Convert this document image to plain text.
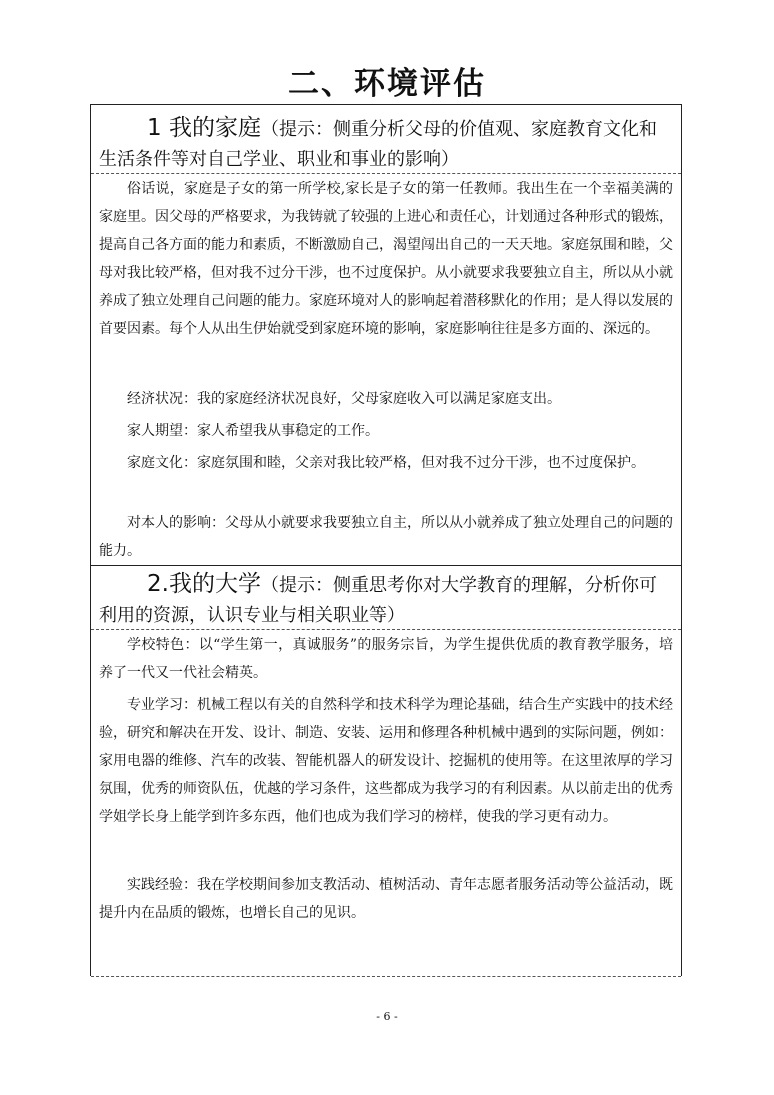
二、环境评估
1 我的家庭（提示：侧重分析父母的价值观、家庭教育文化和生活条件等对自己学业、职业和事业的影响）

俗话说，家庭是子女的第一所学校,家长是子女的第一任教师。我出生在一个幸福美满的家庭里。因父母的严格要求，为我铸就了较强的上进心和责任心，计划通过各种形式的锻炼，提高自己各方面的能力和素质，不断激励自己，渴望闯出自己的一天天地。家庭氛围和睦，父母对我比较严格，但对我不过分干涉，也不过度保护。从小就要求我要独立自主，所以从小就养成了独立处理自己问题的能力。家庭环境对人的影响起着潜移默化的作用；是人得以发展的首要因素。每个人从出生伊始就受到家庭环境的影响，家庭影响往往是多方面的、深远的。

经济状况：我的家庭经济状况良好，父母家庭收入可以满足家庭支出。

家人期望：家人希望我从事稳定的工作。

家庭文化：家庭氛围和睦，父亲对我比较严格，但对我不过分干涉，也不过度保护。

对本人的影响：父母从小就要求我要独立自主，所以从小就养成了独立处理自己的问题的能力。

2.我的大学（提示：侧重思考你对大学教育的理解，分析你可利用的资源，认识专业与相关职业等）

学校特色：以“学生第一，真诚服务”的服务宗旨，为学生提供优质的教育教学服务，培养了一代又一代社会精英。

专业学习：机械工程以有关的自然科学和技术科学为理论基础，结合生产实践中的技术经验，研究和解决在开发、设计、制造、安装、运用和修理各种机械中遇到的实际问题，例如：家用电器的维修、汽车的改装、智能机器人的研发设计、挖掘机的使用等。在这里浓厚的学习氛围，优秀的师资队伍，优越的学习条件，这些都成为我学习的有利因素。从以前走出的优秀学姐学长身上能学到许多东西，他们也成为我们学习的榜样，使我的学习更有动力。

实践经验：我在学校期间参加支教活动、植树活动、青年志愿者服务活动等公益活动，既提升内在品质的锻炼，也增长自己的见识。

- 6 -
